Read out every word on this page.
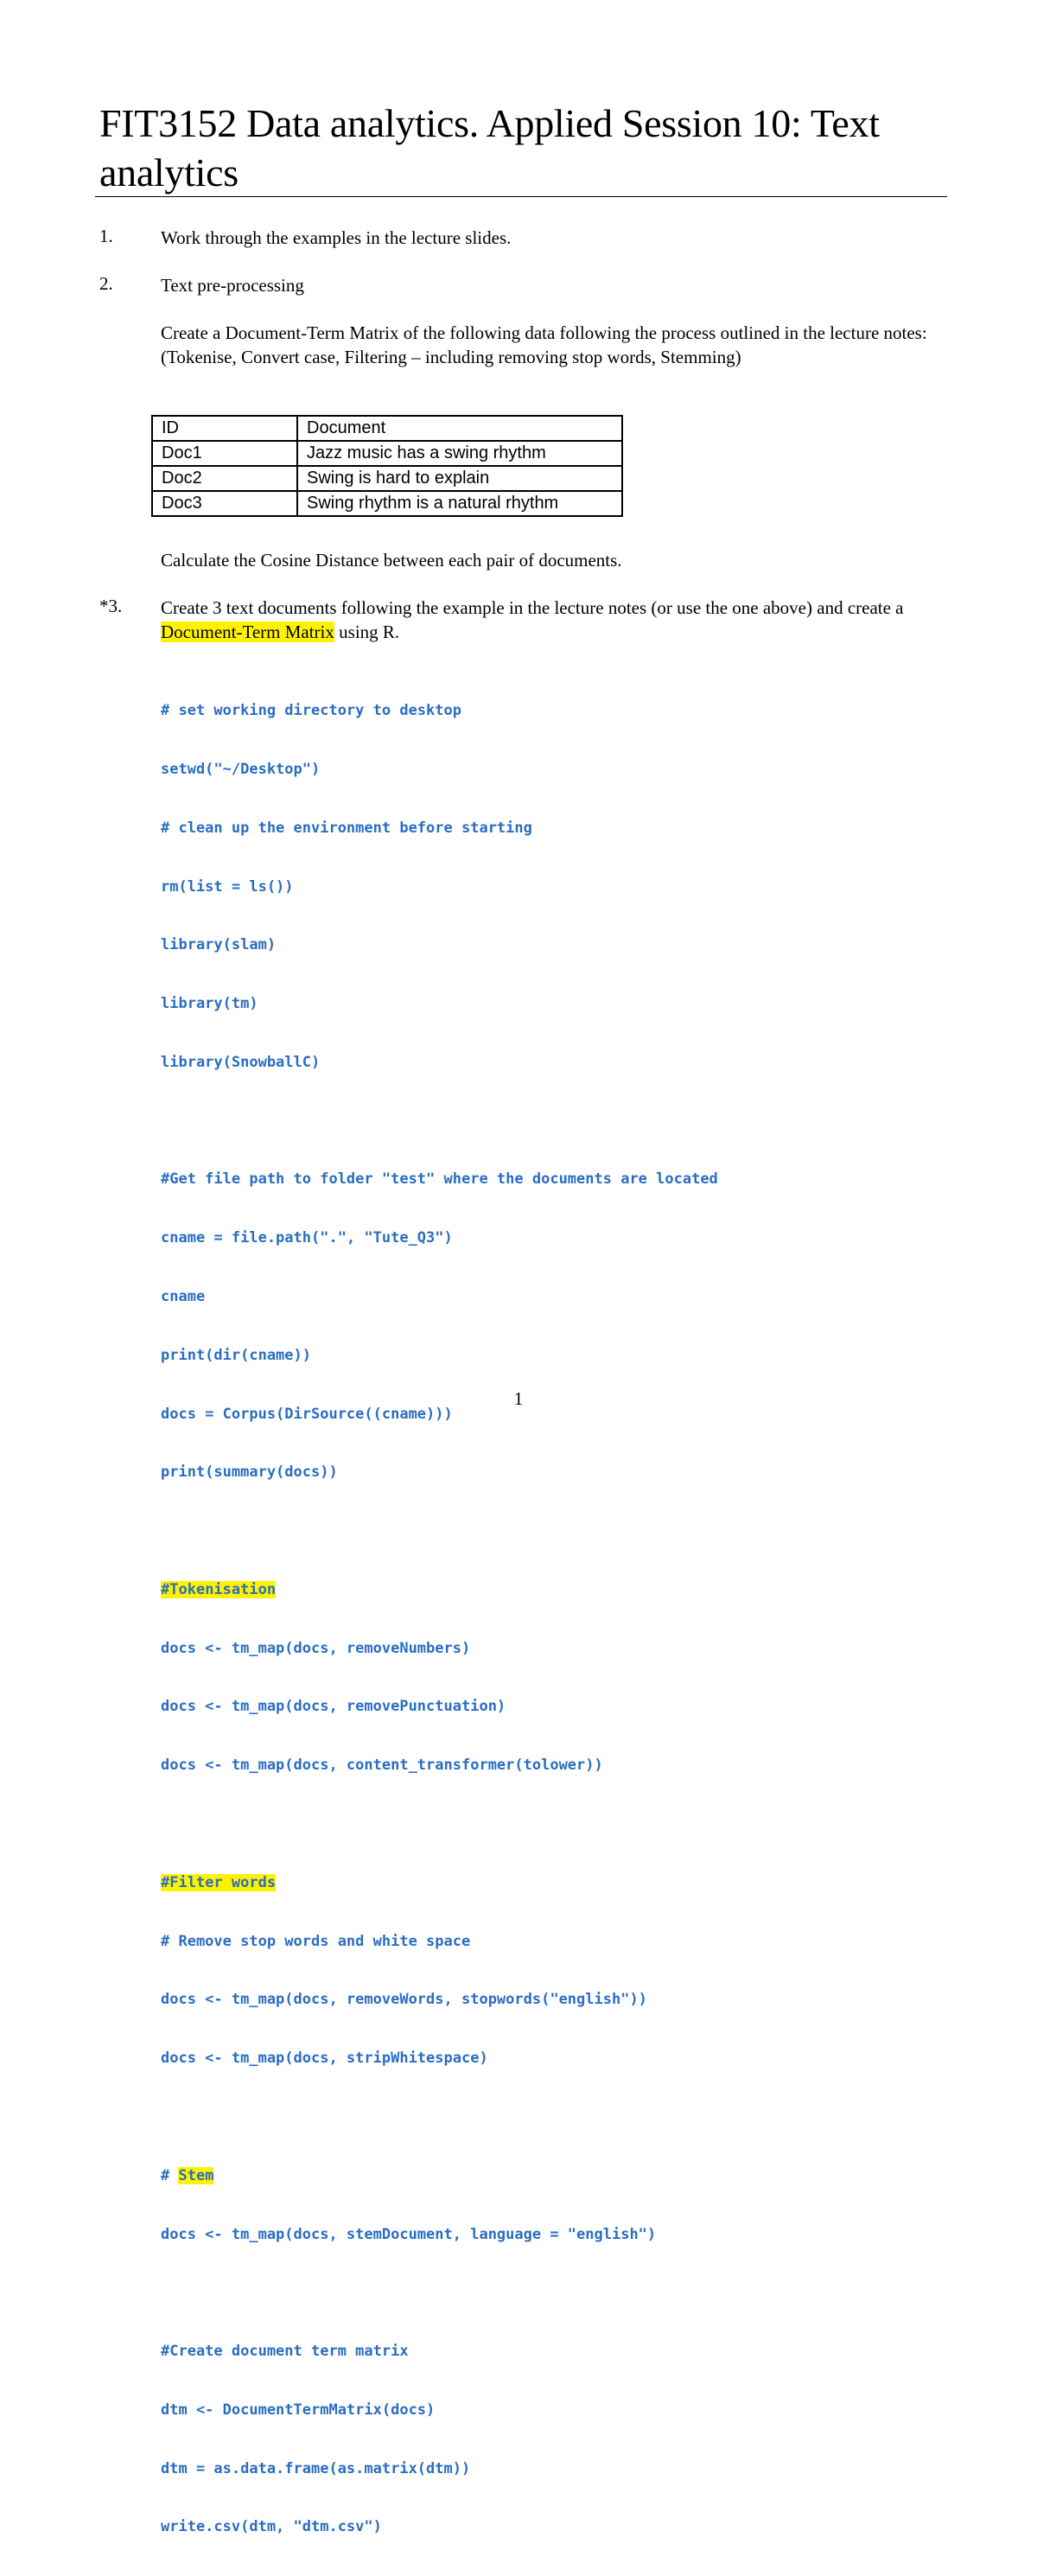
FIT3152 Data analytics. Applied Session 10: Text analytics
1.	Work through the examples in the lecture slides.
2.	Text pre-processing
Create a Document-Term Matrix of the following data following the process outlined in the lecture notes: (Tokenise, Convert case, Filtering – including removing stop words, Stemming)
ID	Document
Doc1	Jazz music has a swing rhythm
Doc2	Swing is hard to explain
Doc3	Swing rhythm is a natural rhythm
Calculate the Cosine Distance between each pair of documents.
*3. Create 3 text documents following the example in the lecture notes (or use the one above) and create a Document-Term Matrix using R.

# set working directory to desktop

setwd("~/Desktop")

# clean up the environment before starting

rm(list = ls())

library(slam)

library(tm)

library(SnowballC)

#Get file path to folder "test" where the documents are located

cname = file.path(".", "Tute_Q3")

cname

print(dir(cname))

docs = Corpus(DirSource((cname)))

print(summary(docs))

#Tokenisation

docs <- tm_map(docs, removeNumbers)

docs <- tm_map(docs, removePunctuation)

docs <- tm_map(docs, content_transformer(tolower))

#Filter words

# Remove stop words and white space

docs <- tm_map(docs, removeWords, stopwords("english"))

docs <- tm_map(docs, stripWhitespace)

# Stem

docs <- tm_map(docs, stemDocument, language = "english")

#Create document term matrix

dtm <- DocumentTermMatrix(docs)

dtm = as.data.frame(as.matrix(dtm))

write.csv(dtm, "dtm.csv")

1
